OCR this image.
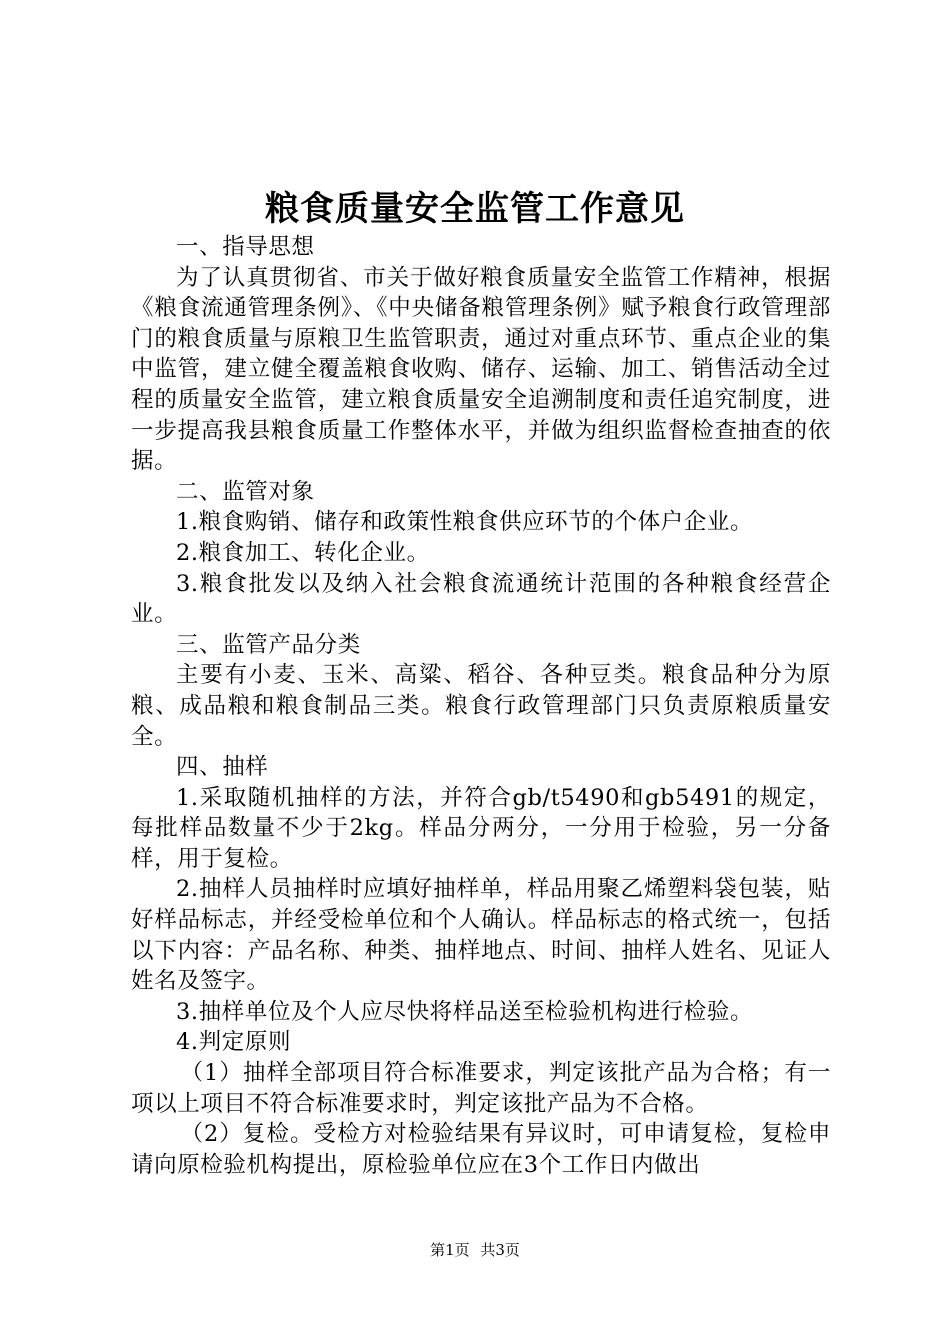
粮食质量安全监管工作意见

一、指导思想

为了认真贯彻省、市关于做好粮食质量安全监管工作精神，根据《粮食流通管理条例》、《中央储备粮管理条例》赋予粮食行政管理部门的粮食质量与原粮卫生监管职责，通过对重点环节、重点企业的集中监管，建立健全覆盖粮食收购、储存、运输、加工、销售活动全过程的质量安全监管，建立粮食质量安全追溯制度和责任追究制度，进一步提高我县粮食质量工作整体水平，并做为组织监督检查抽查的依据。

二、监管对象

1.粮食购销、储存和政策性粮食供应环节的个体户企业。

2.粮食加工、转化企业。

3.粮食批发以及纳入社会粮食流通统计范围的各种粮食经营企业。

三、监管产品分类

主要有小麦、玉米、高粱、稻谷、各种豆类。粮食品种分为原粮、成品粮和粮食制品三类。粮食行政管理部门只负责原粮质量安全。

四、抽样

1.采取随机抽样的方法，并符合gb/t5490和gb5491的规定，每批样品数量不少于2kg。样品分两分，一分用于检验，另一分备样，用于复检。

2.抽样人员抽样时应填好抽样单，样品用聚乙烯塑料袋包装，贴好样品标志，并经受检单位和个人确认。样品标志的格式统一，包括以下内容：产品名称、种类、抽样地点、时间、抽样人姓名、见证人姓名及签字。

3.抽样单位及个人应尽快将样品送至检验机构进行检验。

4.判定原则

（1）抽样全部项目符合标准要求，判定该批产品为合格；有一项以上项目不符合标准要求时，判定该批产品为不合格。

（2）复检。受检方对检验结果有异议时，可申请复检，复检申请向原检验机构提出，原检验单位应在3个工作日内做出

第1页 共3页
